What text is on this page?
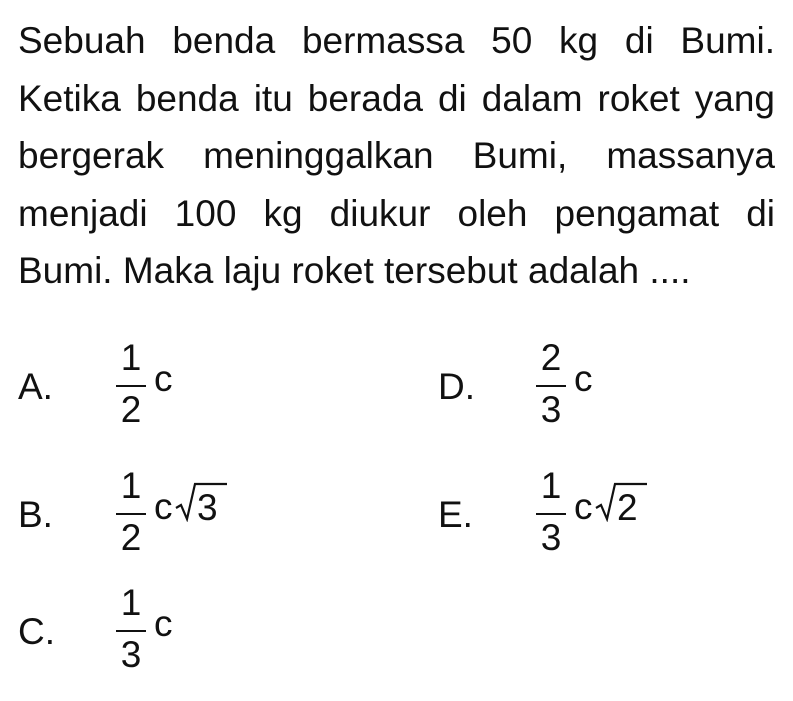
Sebuah benda bermassa 50 kg di Bumi. Ketika benda itu berada di dalam roket yang bergerak meninggalkan Bumi, massanya menjadi 100 kg diukur oleh pengamat di Bumi. Maka laju roket tersebut adalah ....

A.
1
2
c	D.
2
3
c
B.
1
2
c 3	E.
1
3
c 2
C.
1
3
c
